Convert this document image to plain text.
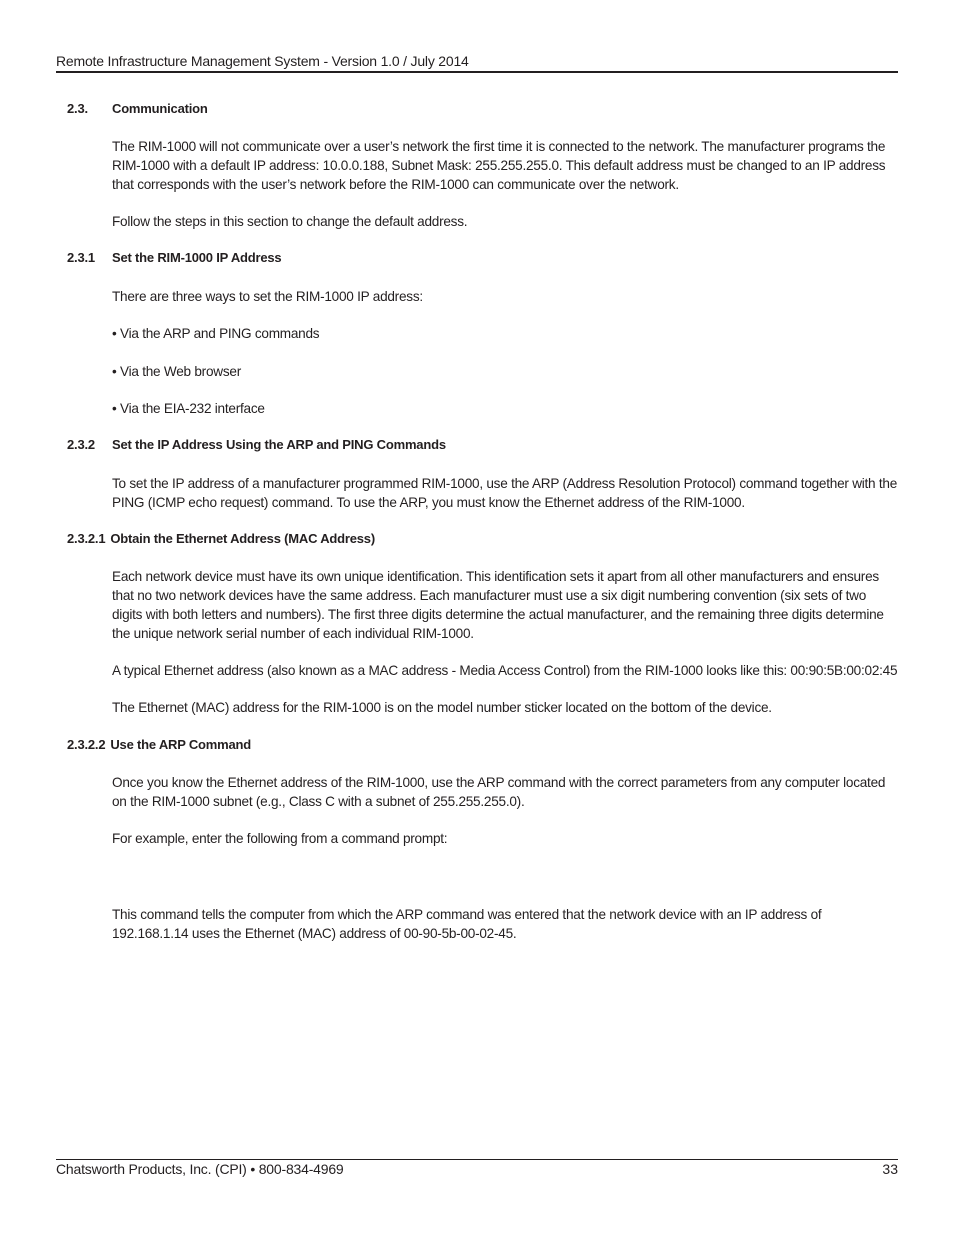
Remote Infrastructure Management System - Version 1.0 / July 2014
2.3. Communication
The RIM-1000 will not communicate over a user’s network the first time it is connected to the network. The manufacturer programs the RIM-1000 with a default IP address: 10.0.0.188, Subnet Mask: 255.255.255.0. This default address must be changed to an IP address that corresponds with the user’s network before the RIM-1000 can communicate over the network.
Follow the steps in this section to change the default address.
2.3.1 Set the RIM-1000 IP Address
There are three ways to set the RIM-1000 IP address:
• Via the ARP and PING commands
• Via the Web browser
• Via the EIA-232 interface
2.3.2 Set the IP Address Using the ARP and PING Commands
To set the IP address of a manufacturer programmed RIM-1000, use the ARP (Address Resolution Protocol) command together with the PING (ICMP echo request) command. To use the ARP, you must know the Ethernet address of the RIM-1000.
2.3.2.1 Obtain the Ethernet Address (MAC Address)
Each network device must have its own unique identification. This identification sets it apart from all other manufacturers and ensures that no two network devices have the same address. Each manufacturer must use a six digit numbering convention (six sets of two digits with both letters and numbers). The first three digits determine the actual manufacturer, and the remaining three digits determine the unique network serial number of each individual RIM-1000.
A typical Ethernet address (also known as a MAC address - Media Access Control) from the RIM-1000 looks like this: 00:90:5B:00:02:45
The Ethernet (MAC) address for the RIM-1000 is on the model number sticker located on the bottom of the device.
2.3.2.2 Use the ARP Command
Once you know the Ethernet address of the RIM-1000, use the ARP command with the correct parameters from any computer located on the RIM-1000 subnet (e.g., Class C with a subnet of 255.255.255.0).
For example, enter the following from a command prompt:
This command tells the computer from which the ARP command was entered that the network device with an IP address of 192.168.1.14 uses the Ethernet (MAC) address of 00-90-5b-00-02-45.
Chatsworth Products, Inc. (CPI) • 800-834-4969	33
